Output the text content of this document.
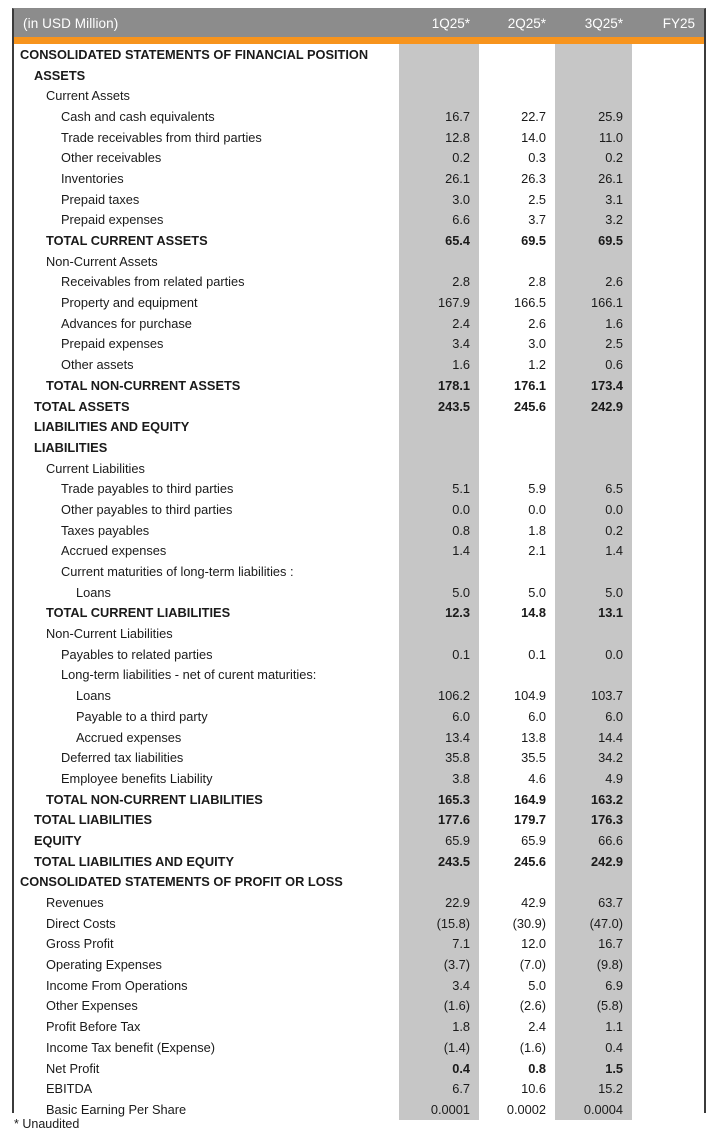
(in USD Million)	1Q25*	2Q25*	3Q25*	FY25
CONSOLIDATED STATEMENTS OF FINANCIAL POSITION
ASSETS
Current Assets
Cash and cash equivalents	16.7	22.7	25.9
Trade receivables from third parties	12.8	14.0	11.0
Other receivables	0.2	0.3	0.2
Inventories	26.1	26.3	26.1
Prepaid taxes	3.0	2.5	3.1
Prepaid expenses	6.6	3.7	3.2
TOTAL CURRENT ASSETS	65.4	69.5	69.5
Non-Current Assets
Receivables from related parties	2.8	2.8	2.6
Property and equipment	167.9	166.5	166.1
Advances for purchase	2.4	2.6	1.6
Prepaid expenses	3.4	3.0	2.5
Other assets	1.6	1.2	0.6
TOTAL NON-CURRENT ASSETS	178.1	176.1	173.4
TOTAL ASSETS	243.5	245.6	242.9
LIABILITIES AND EQUITY
LIABILITIES
Current Liabilities
Trade payables to third parties	5.1	5.9	6.5
Other payables to third parties	0.0	0.0	0.0
Taxes payables	0.8	1.8	0.2
Accrued expenses	1.4	2.1	1.4
Current maturities of long-term liabilities :
Loans	5.0	5.0	5.0
TOTAL CURRENT LIABILITIES	12.3	14.8	13.1
Non-Current Liabilities
Payables to related parties	0.1	0.1	0.0
Long-term liabilities - net of curent maturities:
Loans	106.2	104.9	103.7
Payable to a third party	6.0	6.0	6.0
Accrued expenses	13.4	13.8	14.4
Deferred tax liabilities	35.8	35.5	34.2
Employee benefits Liability	3.8	4.6	4.9
TOTAL NON-CURRENT LIABILITIES	165.3	164.9	163.2
TOTAL LIABILITIES	177.6	179.7	176.3
EQUITY	65.9	65.9	66.6
TOTAL LIABILITIES AND EQUITY	243.5	245.6	242.9
CONSOLIDATED STATEMENTS OF PROFIT OR LOSS
Revenues	22.9	42.9	63.7
Direct Costs	(15.8)	(30.9)	(47.0)
Gross Profit	7.1	12.0	16.7
Operating Expenses	(3.7)	(7.0)	(9.8)
Income From Operations	3.4	5.0	6.9
Other Expenses	(1.6)	(2.6)	(5.8)
Profit Before Tax	1.8	2.4	1.1
Income Tax benefit (Expense)	(1.4)	(1.6)	0.4
Net Profit	0.4	0.8	1.5
EBITDA	6.7	10.6	15.2
Basic Earning Per Share	0.0001	0.0002	0.0004
* Unaudited
